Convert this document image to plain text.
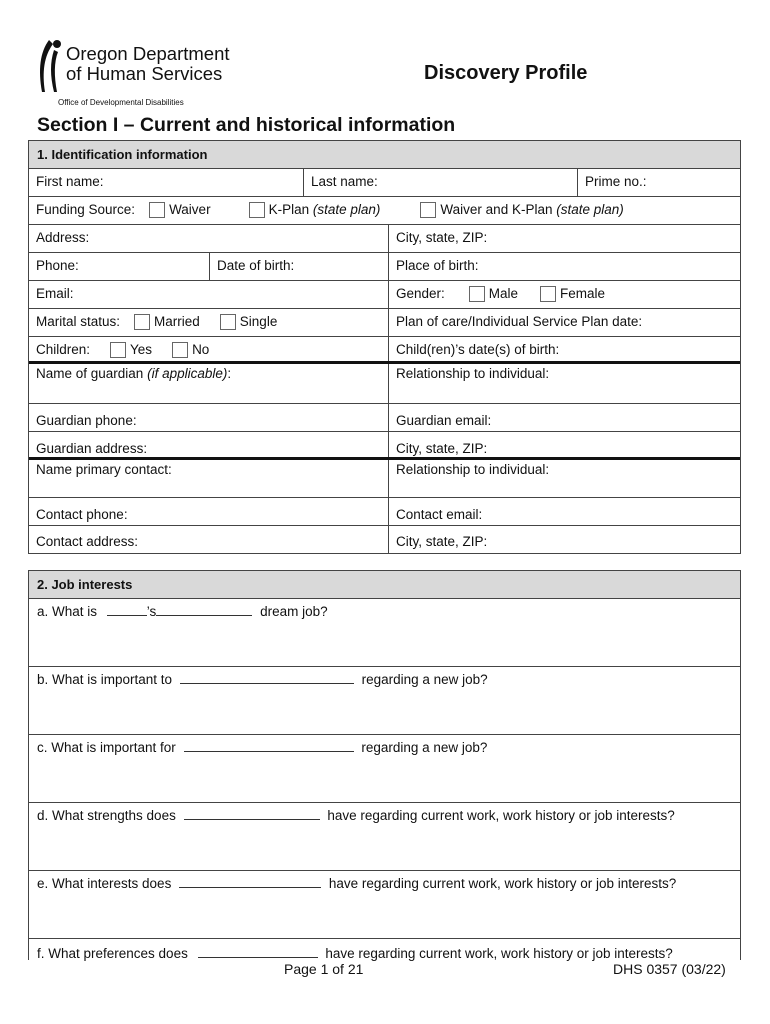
Oregon Department
of Human Services
Office of Developmental Disabilities
Discovery Profile
Section I – Current and historical information
1. Identification information
First name:	Last name:	Prime no.:
Funding Source:	Waiver	K-Plan (state plan)	Waiver and K-Plan (state plan)
Address:	City, state, ZIP:
Phone:	Date of birth:	Place of birth:
Email:	Gender:	Male	Female
Marital status:	Married	Single	Plan of care/Individual Service Plan date:
Children:	Yes	No	Child(ren)’s date(s) of birth:
Name of guardian (if applicable):	Relationship to individual:
Guardian phone:	Guardian email:
Guardian address:	City, state, ZIP:
Name primary contact:	Relationship to individual:
Contact phone:	Contact email:
Contact address:	City, state, ZIP:
2. Job interests
a. What is	’s	dream job?
b. What is important to	regarding a new job?
c. What is important for	regarding a new job?
d. What strengths does	have regarding current work, work history or job interests?
e. What interests does	have regarding current work, work history or job interests?
f. What preferences does	have regarding current work, work history or job interests?
Page 1 of 21	DHS 0357 (03/22)
